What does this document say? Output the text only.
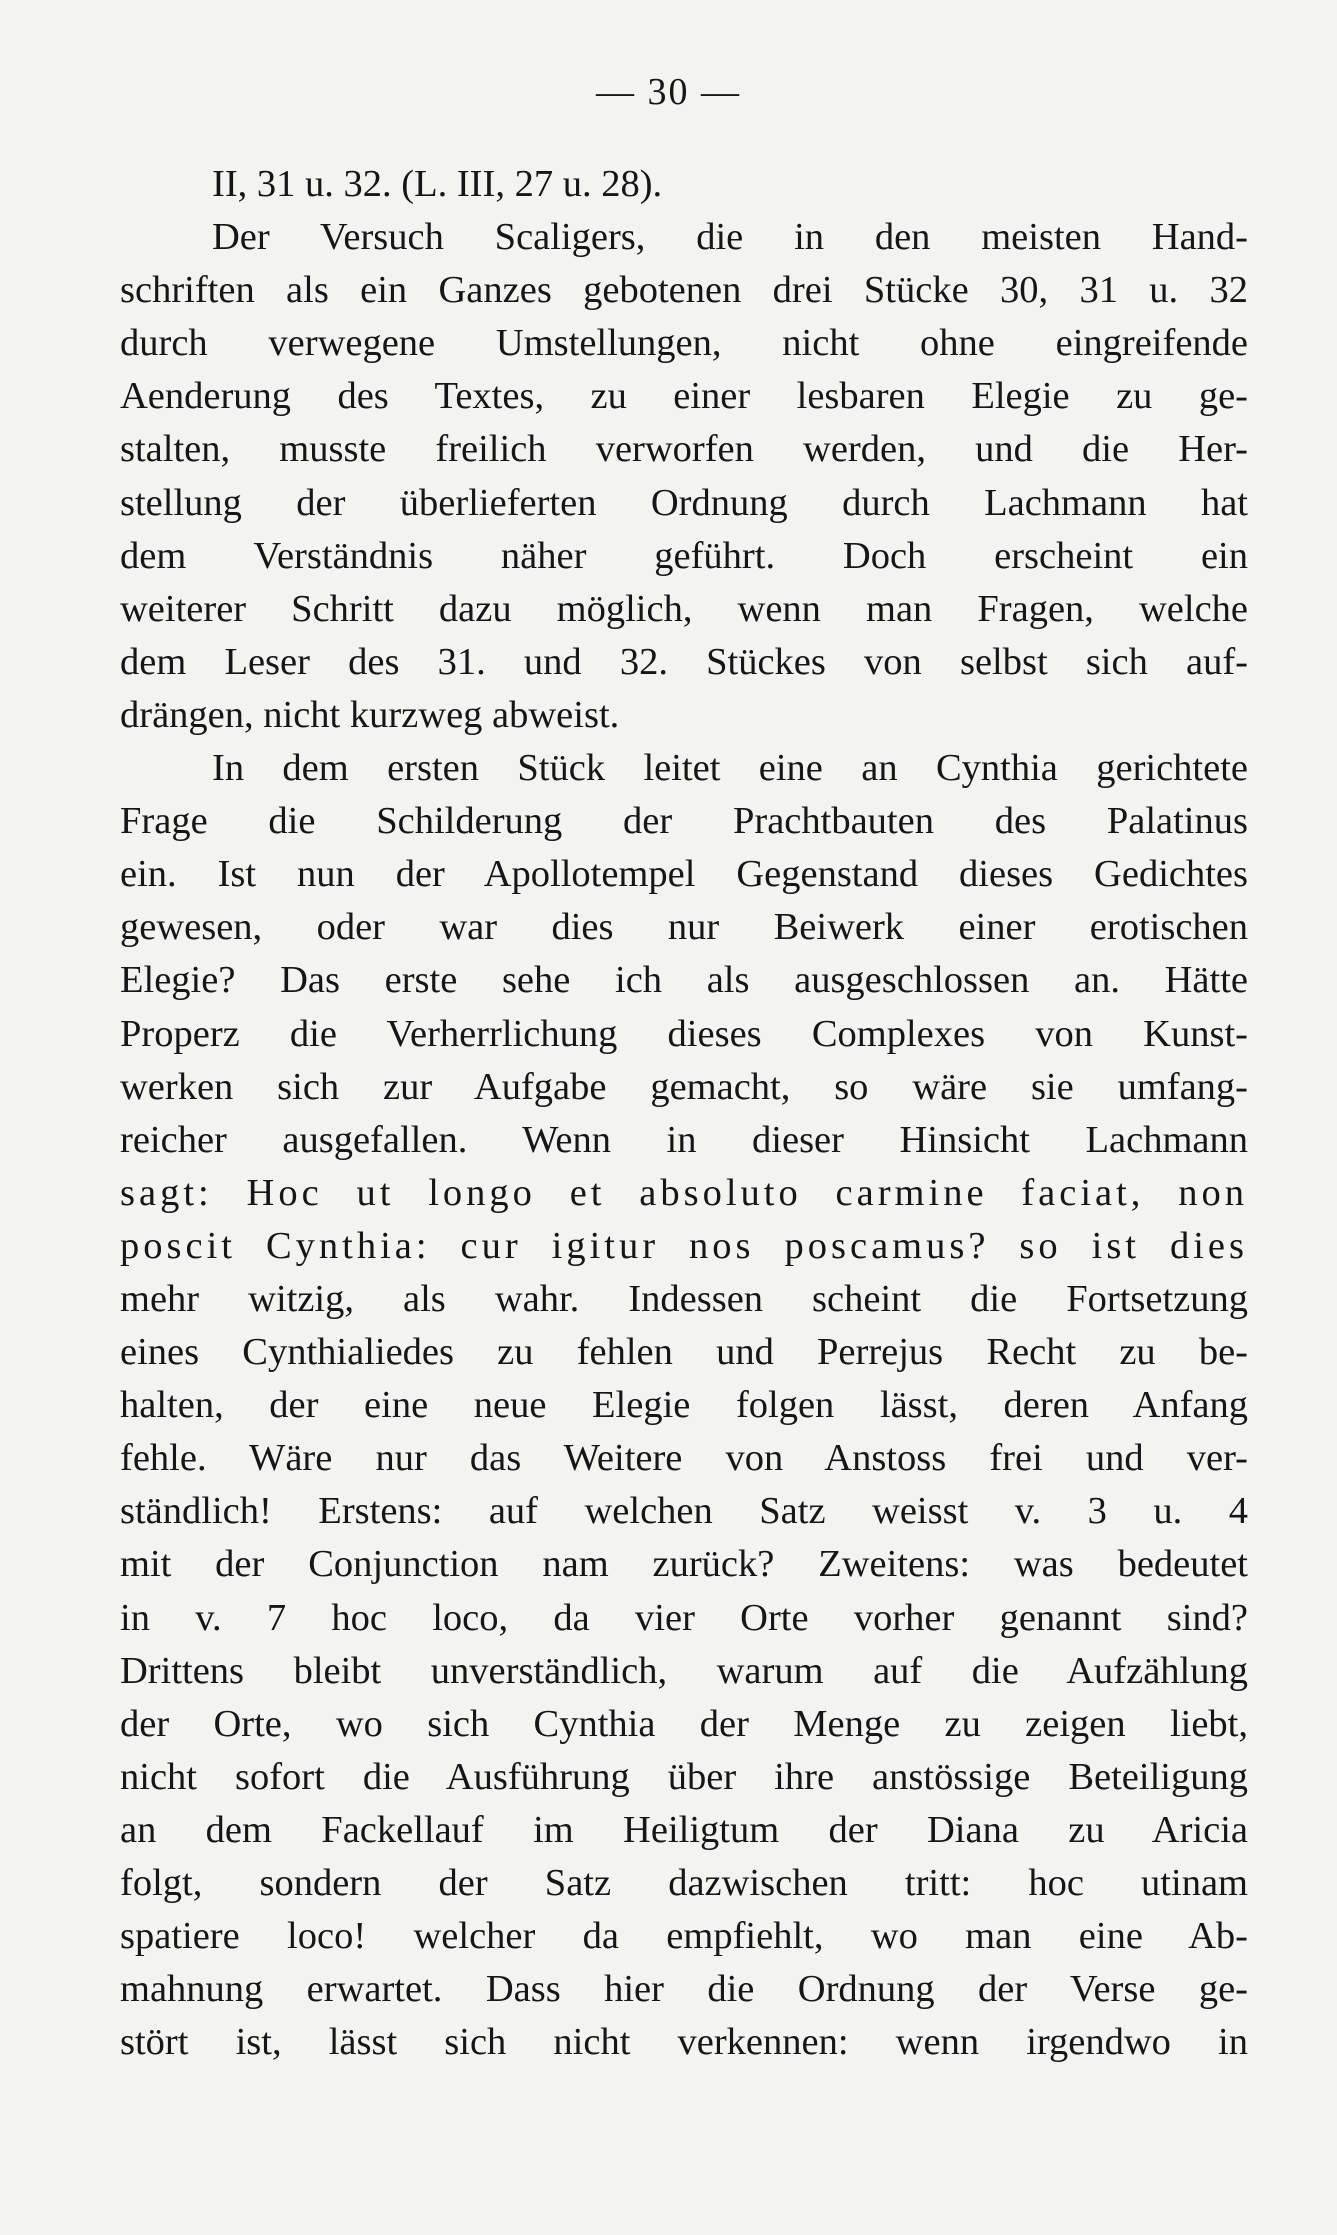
— 30 —
II, 31 u. 32. (L. III, 27 u. 28).
Der Versuch Scaligers, die in den meisten Hand-
schriften als ein Ganzes gebotenen drei Stücke 30, 31 u. 32
durch verwegene Umstellungen, nicht ohne eingreifende
Aenderung des Textes, zu einer lesbaren Elegie zu ge-
stalten, musste freilich verworfen werden, und die Her-
stellung der überlieferten Ordnung durch Lachmann hat
dem Verständnis näher geführt. Doch erscheint ein
weiterer Schritt dazu möglich, wenn man Fragen, welche
dem Leser des 31. und 32. Stückes von selbst sich auf-
drängen, nicht kurzweg abweist.
In dem ersten Stück leitet eine an Cynthia gerichtete
Frage die Schilderung der Prachtbauten des Palatinus
ein. Ist nun der Apollotempel Gegenstand dieses Gedichtes
gewesen, oder war dies nur Beiwerk einer erotischen
Elegie? Das erste sehe ich als ausgeschlossen an. Hätte
Properz die Verherrlichung dieses Complexes von Kunst-
werken sich zur Aufgabe gemacht, so wäre sie umfang-
reicher ausgefallen. Wenn in dieser Hinsicht Lachmann
sagt: Hoc ut longo et absoluto carmine faciat, non
poscit Cynthia: cur igitur nos poscamus? so ist dies
mehr witzig, als wahr. Indessen scheint die Fortsetzung
eines Cynthialiedes zu fehlen und Perrejus Recht zu be-
halten, der eine neue Elegie folgen lässt, deren Anfang
fehle. Wäre nur das Weitere von Anstoss frei und ver-
ständlich! Erstens: auf welchen Satz weisst v. 3 u. 4
mit der Conjunction nam zurück? Zweitens: was bedeutet
in v. 7 hoc loco, da vier Orte vorher genannt sind?
Drittens bleibt unverständlich, warum auf die Aufzählung
der Orte, wo sich Cynthia der Menge zu zeigen liebt,
nicht sofort die Ausführung über ihre anstössige Beteiligung
an dem Fackellauf im Heiligtum der Diana zu Aricia
folgt, sondern der Satz dazwischen tritt: hoc utinam
spatiere loco! welcher da empfiehlt, wo man eine Ab-
mahnung erwartet. Dass hier die Ordnung der Verse ge-
stört ist, lässt sich nicht verkennen: wenn irgendwo in
